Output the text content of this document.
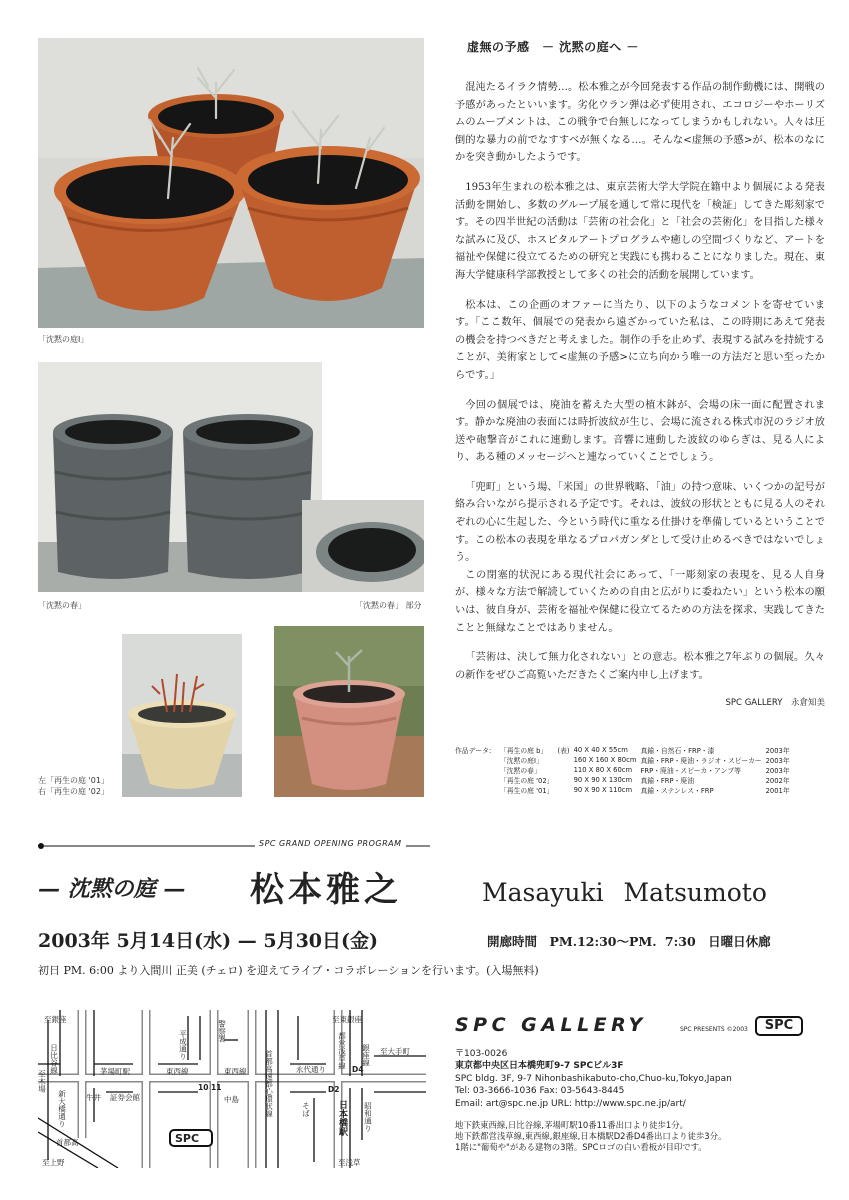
「沈黙の庭Ⅰ」
「沈黙の春」	「沈黙の春」 部分
左「再生の庭 '01」
右「再生の庭 '02」
虚無の予感　－ 沈黙の庭へ －

混沌たるイラク情勢…。松本雅之が今回発表する作品の制作動機には、開戦の予感があったといいます。劣化ウラン弾は必ず使用され、エコロジーやホーリズムのムーブメントは、この戦争で台無しになってしまうかもしれない。人々は圧倒的な暴力の前でなすすべが無くなる…。そんな<虚無の予感>が、松本のなにかを突き動かしたようです。

1953年生まれの松本雅之は、東京芸術大学大学院在籍中より個展による発表活動を開始し、多数のグループ展を通して常に現代を「検証」してきた彫刻家です。その四半世紀の活動は「芸術の社会化」と「社会の芸術化」を目指した様々な試みに及び、ホスピタルアートプログラムや癒しの空間づくりなど、アートを福祉や保健に役立てるための研究と実践にも携わることになりました。現在、東海大学健康科学部教授として多くの社会的活動を展開しています。

松本は、この企画のオファーに当たり、以下のようなコメントを寄せています。「ここ数年、個展での発表から遠ざかっていた私は、この時期にあえて発表の機会を持つべきだと考えました。制作の手を止めず、表現する試みを持続することが、美術家として<虚無の予感>に立ち向かう唯一の方法だと思い至ったからです。」

今回の個展では、廃油を蓄えた大型の植木鉢が、会場の床一面に配置されます。静かな廃油の表面には時折波紋が生じ、会場に流される株式市況のラジオ放送や砲撃音がこれに連動します。音響に連動した波紋のゆらぎは、見る人により、ある種のメッセージへと連なっていくことでしょう。

「兜町」という場、「米国」の世界戦略、「油」の持つ意味、いくつかの記号が絡み合いながら提示される予定です。それは、波紋の形状とともに見る人のそれぞれの心に生起した、今という時代に重なる仕掛けを準備しているということです。この松本の表現を単なるプロパガンダとして受け止めるべきではないでしょう。

この閉塞的状況にある現代社会にあって、「一彫刻家の表現を、見る人自身が、様々な方法で解読していくための自由と広がりに委ねたい」という松本の願いは、彼自身が、芸術を福祉や保健に役立てるための方法を探求、実践してきたことと無縁なことではありません。

「芸術は、決して無力化されない」との意志。松本雅之7年ぶりの個展。久々の新作をぜひご高覧いただきたくご案内申し上げます。

SPC GALLERY　永倉知美
作品データ: 「再生の庭 b」	(表)	40 X 40 X 55cm	真鍮・自然石・FRP・漆	2003年
「沈黙の庭Ⅰ」		160 X 160 X 80cm	真鍮・FRP・廃油・ラジオ・スピーカー	2003年
「沈黙の春」		110 X 80 X 60cm	FRP・廃油・スピーカ・アンプ等	2003年
「再生の庭 '02」		90 X 90 X 130cm	真鍮・FRP・廃油	2002年
「再生の庭 '01」		90 X 90 X 110cm	真鍮・ステンレス・FRP	2001年
SPC GRAND OPENING PROGRAM
— 沈黙の庭 — 松本雅之	Masayuki Matsumoto
2003年 5月14日(水) — 5月30日(金)	開廊時間　PM.12:30～PM. 7:30　日曜日休廊
初日 PM. 6:00 より入間川 正美 (チェロ) を迎えてライブ・コラボレーションを行います。(入場無料)
SPC
至銀座
日比谷線
至木場
新大橋通り
茅場町駅	東西線
牛井 証券会館
平成通り	警察署
東西線
10 11
中島	首都高速都心環状線	永代通り
そば
至東銀座
都営浅草線 銀座線
D2
D4
日本橋駅 昭和通り
至大手町
首都高
至上野	至浅草
SPC GALLERY	SPC PRESENTS ©2003	SPC
〒103-0026
東京都中央区日本橋兜町9-7 SPCビル3F
SPC bldg. 3F, 9-7 Nihonbashikabuto-cho,Chuo-ku,Tokyo,Japan
Tel: 03-3666-1036 Fax: 03-5643-8445
Email: art@spc.ne.jp URL: http://www.spc.ne.jp/art/
地下鉄東西線,日比谷線,茅場町駅10番11番出口より徒歩1分。
地下鉄都営浅草線,東西線,銀座線,日本橋駅D2番D4番出口より徒歩3分。
1階に"葡萄や"がある建物の3階。SPCロゴの白い看板が目印です。
